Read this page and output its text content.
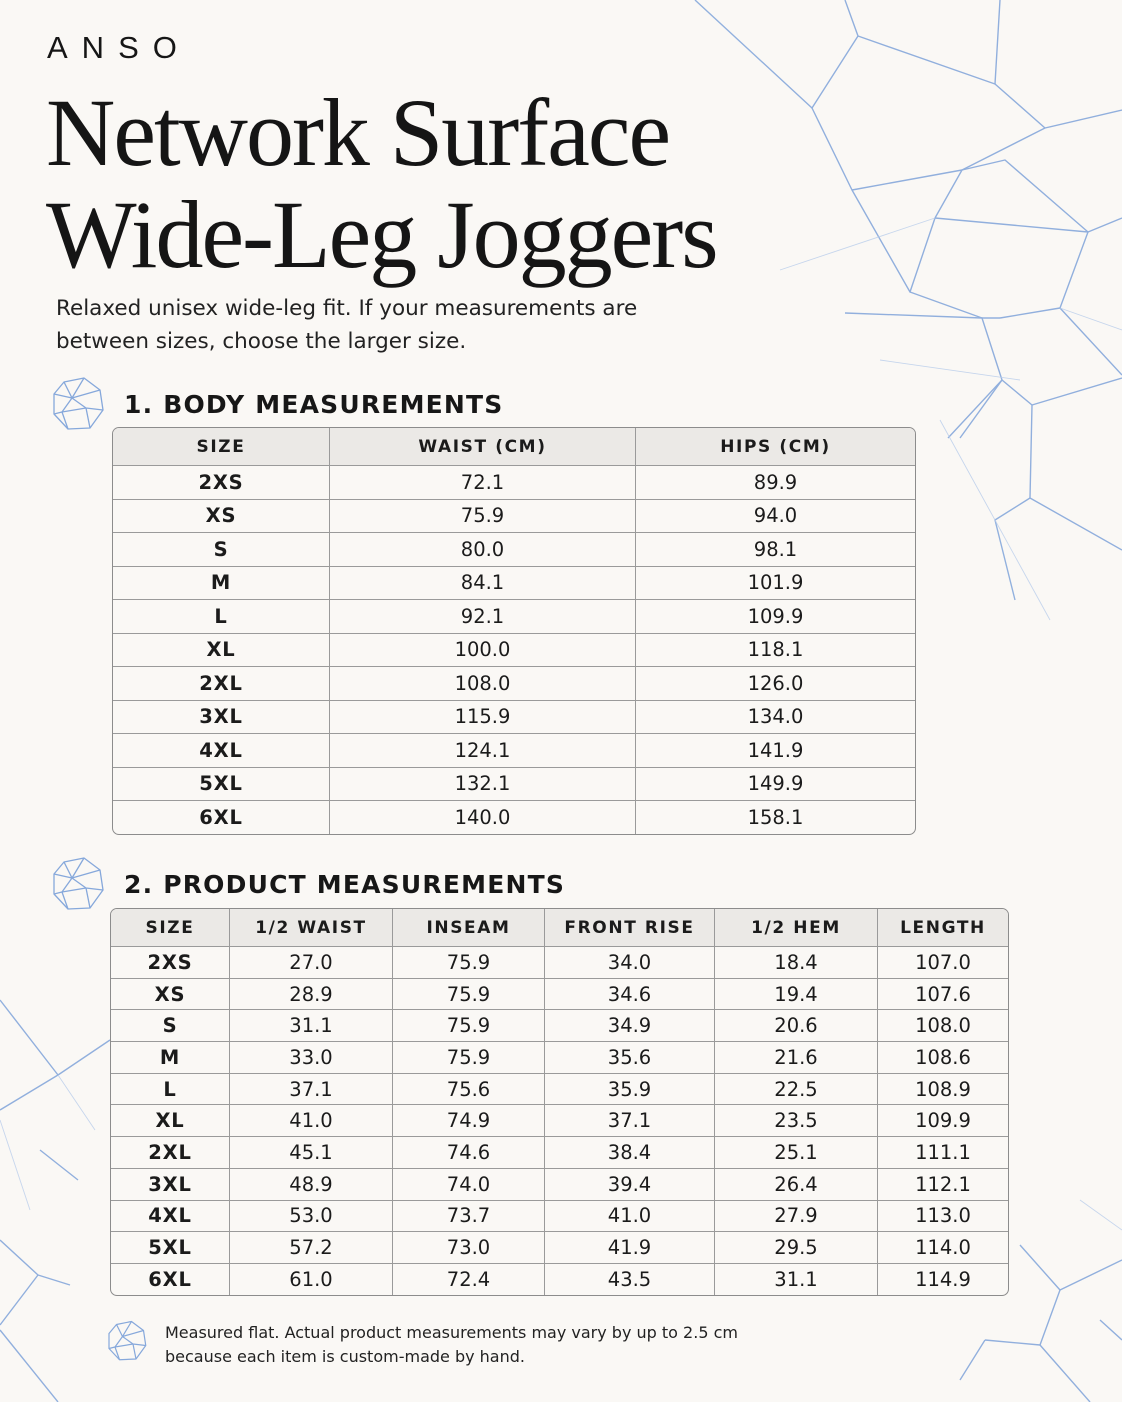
ANSO
Network Surface
Wide-Leg Joggers

Relaxed unisex wide-leg fit. If your measurements are
between sizes, choose the larger size.

1. BODY MEASUREMENTS
SIZE	WAIST (CM)	HIPS (CM)
2XS	72.1	89.9
XS	75.9	94.0
S	80.0	98.1
M	84.1	101.9
L	92.1	109.9
XL	100.0	118.1
2XL	108.0	126.0
3XL	115.9	134.0
4XL	124.1	141.9
5XL	132.1	149.9
6XL	140.0	158.1
2. PRODUCT MEASUREMENTS
SIZE	1/2 WAIST	INSEAM	FRONT RISE	1/2 HEM	LENGTH
2XS	27.0	75.9	34.0	18.4	107.0
XS	28.9	75.9	34.6	19.4	107.6
S	31.1	75.9	34.9	20.6	108.0
M	33.0	75.9	35.6	21.6	108.6
L	37.1	75.6	35.9	22.5	108.9
XL	41.0	74.9	37.1	23.5	109.9
2XL	45.1	74.6	38.4	25.1	111.1
3XL	48.9	74.0	39.4	26.4	112.1
4XL	53.0	73.7	41.0	27.9	113.0
5XL	57.2	73.0	41.9	29.5	114.0
6XL	61.0	72.4	43.5	31.1	114.9

Measured flat. Actual product measurements may vary by up to 2.5 cm
because each item is custom-made by hand.
